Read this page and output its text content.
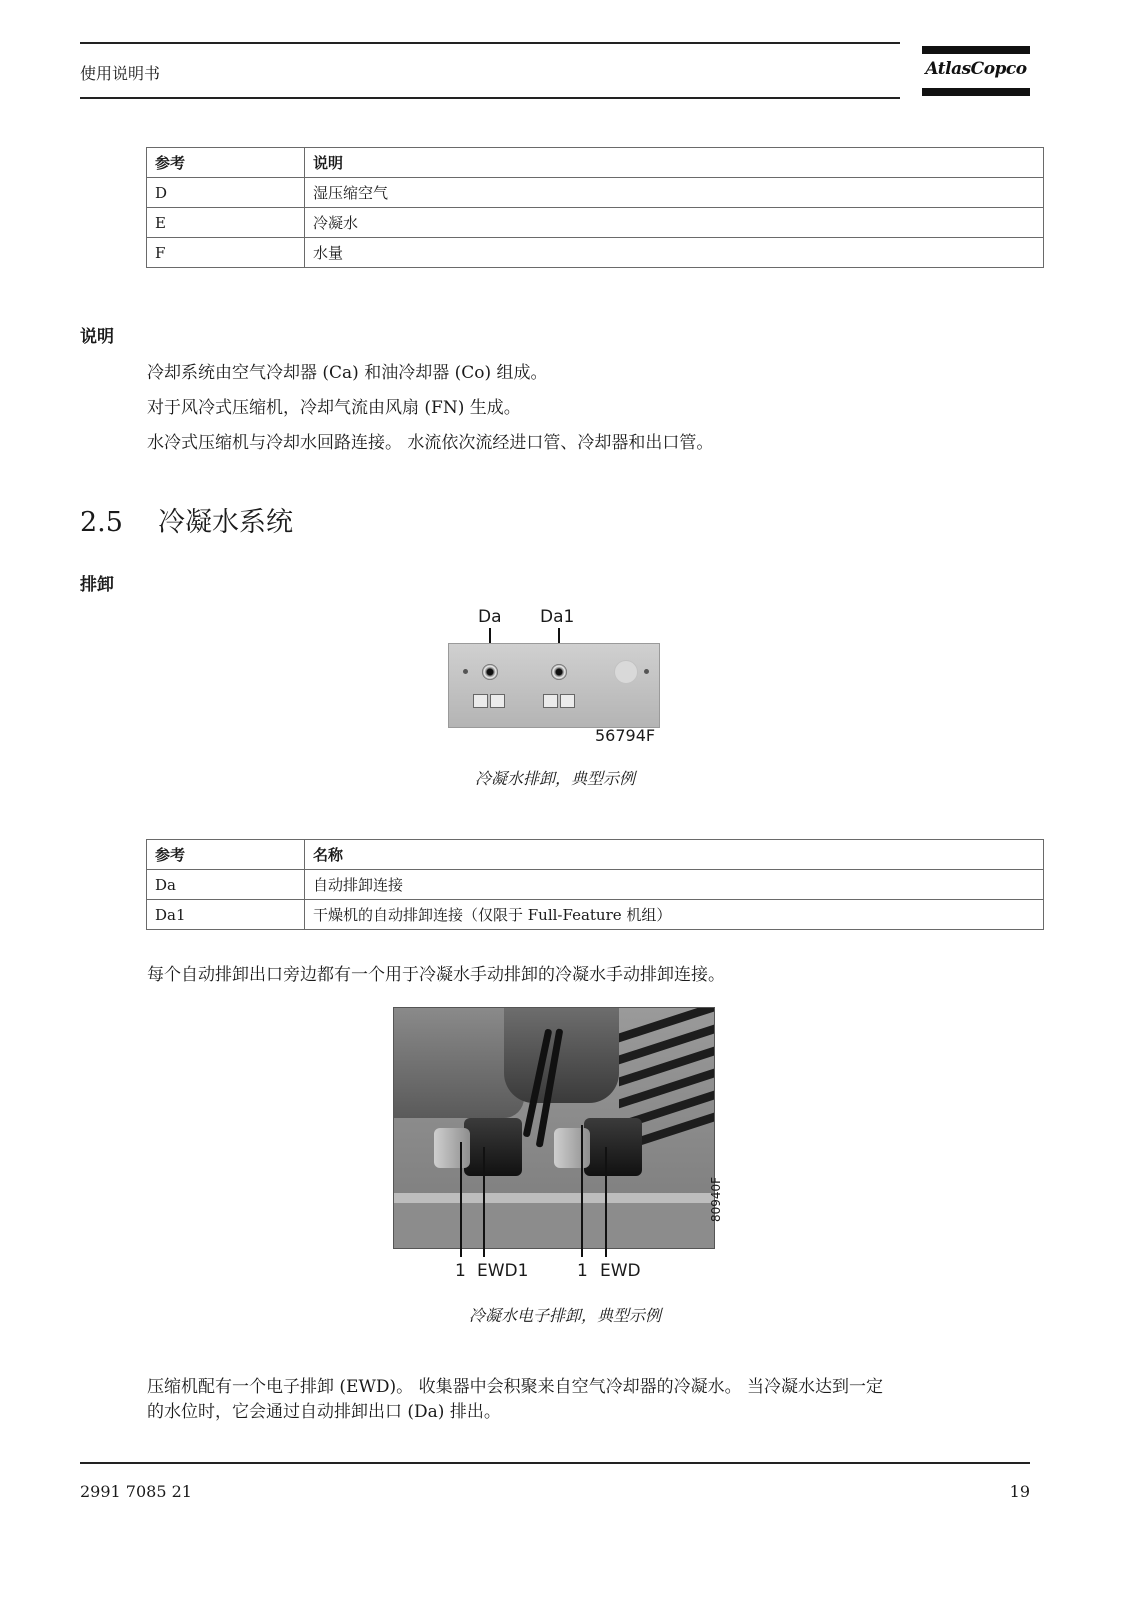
使用说明书	AtlasCopco
参考	说明
D	湿压缩空气
E	冷凝水
F	水量
说明
冷却系统由空气冷却器 (Ca) 和油冷却器 (Co) 组成。
对于风冷式压缩机，冷却气流由风扇 (FN) 生成。
水冷式压缩机与冷却水回路连接。 水流依次流经进口管、冷却器和出口管。
2.5 冷凝水系统
排卸
Da Da1
56794F
冷凝水排卸，典型示例
参考	名称
Da	自动排卸连接
Da1	干燥机的自动排卸连接（仅限于 Full-Feature 机组）
每个自动排卸出口旁边都有一个用于冷凝水手动排卸的冷凝水手动排卸连接。
1 EWD1	1 EWD
80940F
冷凝水电子排卸，典型示例
压缩机配有一个电子排卸 (EWD)。 收集器中会积聚来自空气冷却器的冷凝水。 当冷凝水达到一定
的水位时，它会通过自动排卸出口 (Da) 排出。
2991 7085 21	19
